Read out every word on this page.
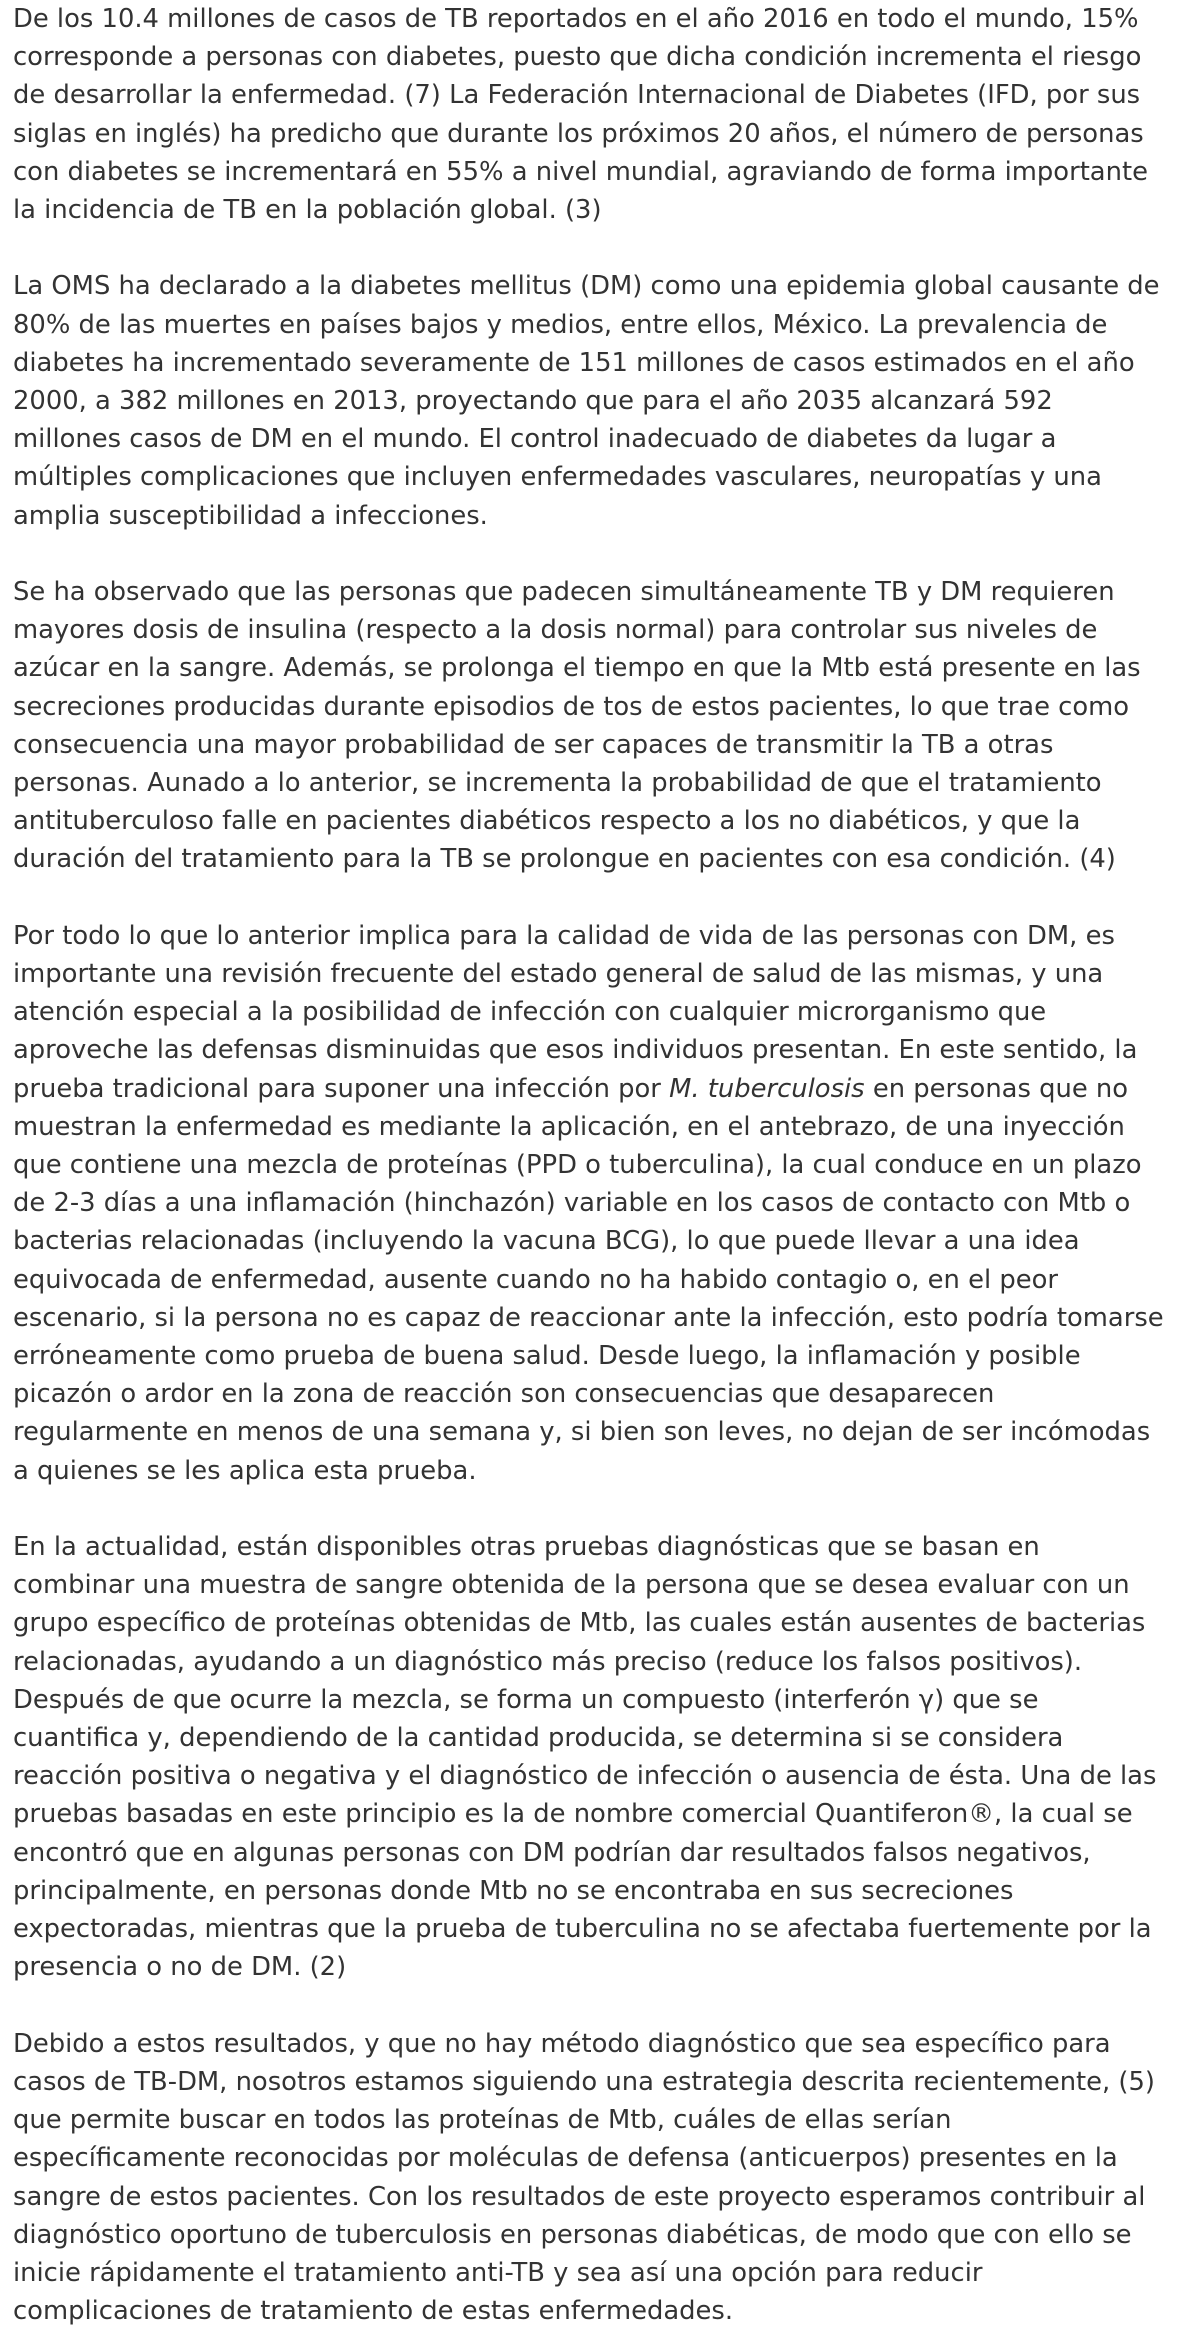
De los 10.4 millones de casos de TB reportados en el año 2016 en todo el mundo, 15% corresponde a personas con diabetes, puesto que dicha condición incrementa el riesgo de desarrollar la enfermedad. (7) La Federación Internacional de Diabetes (IFD, por sus siglas en inglés) ha predicho que durante los próximos 20 años, el número de personas con diabetes se incrementará en 55% a nivel mundial, agraviando de forma importante la incidencia de TB en la población global. (3)

La OMS ha declarado a la diabetes mellitus (DM) como una epidemia global causante de 80% de las muertes en países bajos y medios, entre ellos, México. La prevalencia de diabetes ha incrementado severamente de 151 millones de casos estimados en el año 2000, a 382 millones en 2013, proyectando que para el año 2035 alcanzará 592 millones casos de DM en el mundo. El control inadecuado de diabetes da lugar a múltiples complicaciones que incluyen enfermedades vasculares, neuropatías y una amplia susceptibilidad a infecciones.

Se ha observado que las personas que padecen simultáneamente TB y DM requieren mayores dosis de insulina (respecto a la dosis normal) para controlar sus niveles de azúcar en la sangre. Además, se prolonga el tiempo en que la Mtb está presente en las secreciones producidas durante episodios de tos de estos pacientes, lo que trae como consecuencia una mayor probabilidad de ser capaces de transmitir la TB a otras personas. Aunado a lo anterior, se incrementa la probabilidad de que el tratamiento antituberculoso falle en pacientes diabéticos respecto a los no diabéticos, y que la duración del tratamiento para la TB se prolongue en pacientes con esa condición. (4)

Por todo lo que lo anterior implica para la calidad de vida de las personas con DM, es importante una revisión frecuente del estado general de salud de las mismas, y una atención especial a la posibilidad de infección con cualquier microrganismo que aproveche las defensas disminuidas que esos individuos presentan. En este sentido, la prueba tradicional para suponer una infección por M. tuberculosis en personas que no muestran la enfermedad es mediante la aplicación, en el antebrazo, de una inyección que contiene una mezcla de proteínas (PPD o tuberculina), la cual conduce en un plazo de 2-3 días a una inflamación (hinchazón) variable en los casos de contacto con Mtb o bacterias relacionadas (incluyendo la vacuna BCG), lo que puede llevar a una idea equivocada de enfermedad, ausente cuando no ha habido contagio o, en el peor escenario, si la persona no es capaz de reaccionar ante la infección, esto podría tomarse erróneamente como prueba de buena salud. Desde luego, la inflamación y posible picazón o ardor en la zona de reacción son consecuencias que desaparecen regularmente en menos de una semana y, si bien son leves, no dejan de ser incómodas a quienes se les aplica esta prueba.

En la actualidad, están disponibles otras pruebas diagnósticas que se basan en combinar una muestra de sangre obtenida de la persona que se desea evaluar con un grupo específico de proteínas obtenidas de Mtb, las cuales están ausentes de bacterias relacionadas, ayudando a un diagnóstico más preciso (reduce los falsos positivos). Después de que ocurre la mezcla, se forma un compuesto (interferón γ) que se cuantifica y, dependiendo de la cantidad producida, se determina si se considera reacción positiva o negativa y el diagnóstico de infección o ausencia de ésta. Una de las pruebas basadas en este principio es la de nombre comercial Quantiferon®, la cual se encontró que en algunas personas con DM podrían dar resultados falsos negativos, principalmente, en personas donde Mtb no se encontraba en sus secreciones expectoradas, mientras que la prueba de tuberculina no se afectaba fuertemente por la presencia o no de DM. (2)

Debido a estos resultados, y que no hay método diagnóstico que sea específico para casos de TB-DM, nosotros estamos siguiendo una estrategia descrita recientemente, (5) que permite buscar en todos las proteínas de Mtb, cuáles de ellas serían específicamente reconocidas por moléculas de defensa (anticuerpos) presentes en la sangre de estos pacientes. Con los resultados de este proyecto esperamos contribuir al diagnóstico oportuno de tuberculosis en personas diabéticas, de modo que con ello se inicie rápidamente el tratamiento anti-TB y sea así una opción para reducir complicaciones de tratamiento de estas enfermedades.
